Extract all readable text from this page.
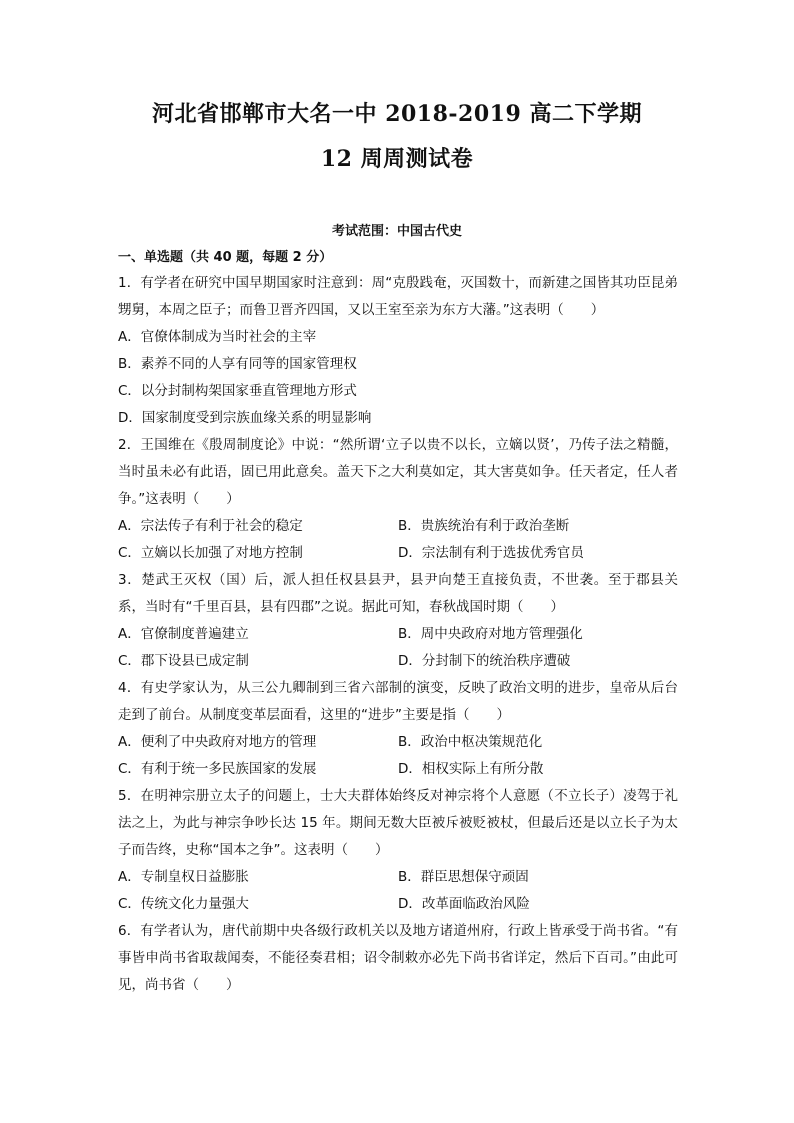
河北省邯郸市大名一中 2018-2019 高二下学期
12 周周测试卷
考试范围：中国古代史
一、单选题（共 40 题，每题 2 分）

1．有学者在研究中国早期国家时注意到：周“克殷践奄，灭国数十，而新建之国皆其功臣昆弟甥舅，本周之臣子；而鲁卫晋齐四国，又以王室至亲为东方大藩。”这表明（　　）

A．官僚体制成为当时社会的主宰
B．素养不同的人享有同等的国家管理权
C．以分封制构架国家垂直管理地方形式
D．国家制度受到宗族血缘关系的明显影响

2．王国维在《殷周制度论》中说：“然所谓‘立子以贵不以长，立嫡以贤’，乃传子法之精髓，当时虽未必有此语，固已用此意矣。盖天下之大利莫如定，其大害莫如争。任天者定，任人者争。”这表明（　　）

A．宗法传子有利于社会的稳定	B．贵族统治有利于政治垄断
C．立嫡以长加强了对地方控制	D．宗法制有利于选拔优秀官员

3．楚武王灭权（国）后，派人担任权县县尹，县尹向楚王直接负责，不世袭。至于郡县关系，当时有“千里百县，县有四郡”之说。据此可知，春秋战国时期（　　）

A．官僚制度普遍建立	B．周中央政府对地方管理强化
C．郡下设县已成定制	D．分封制下的统治秩序遭破

4．有史学家认为，从三公九卿制到三省六部制的演变，反映了政治文明的进步，皇帝从后台走到了前台。从制度变革层面看，这里的“进步”主要是指（　　）

A．便利了中央政府对地方的管理	B．政治中枢决策规范化
C．有利于统一多民族国家的发展	D．相权实际上有所分散

5．在明神宗册立太子的问题上，士大夫群体始终反对神宗将个人意愿（不立长子）凌驾于礼法之上，为此与神宗争吵长达 15 年。期间无数大臣被斥被贬被杖，但最后还是以立长子为太子而告终，史称“国本之争”。这表明（　　）

A．专制皇权日益膨胀	B．群臣思想保守顽固
C．传统文化力量强大	D．改革面临政治风险

6．有学者认为，唐代前期中央各级行政机关以及地方诸道州府，行政上皆承受于尚书省。“有事皆申尚书省取裁闻奏，不能径奏君相；诏令制敕亦必先下尚书省详定，然后下百司。”由此可见，尚书省（　　）
